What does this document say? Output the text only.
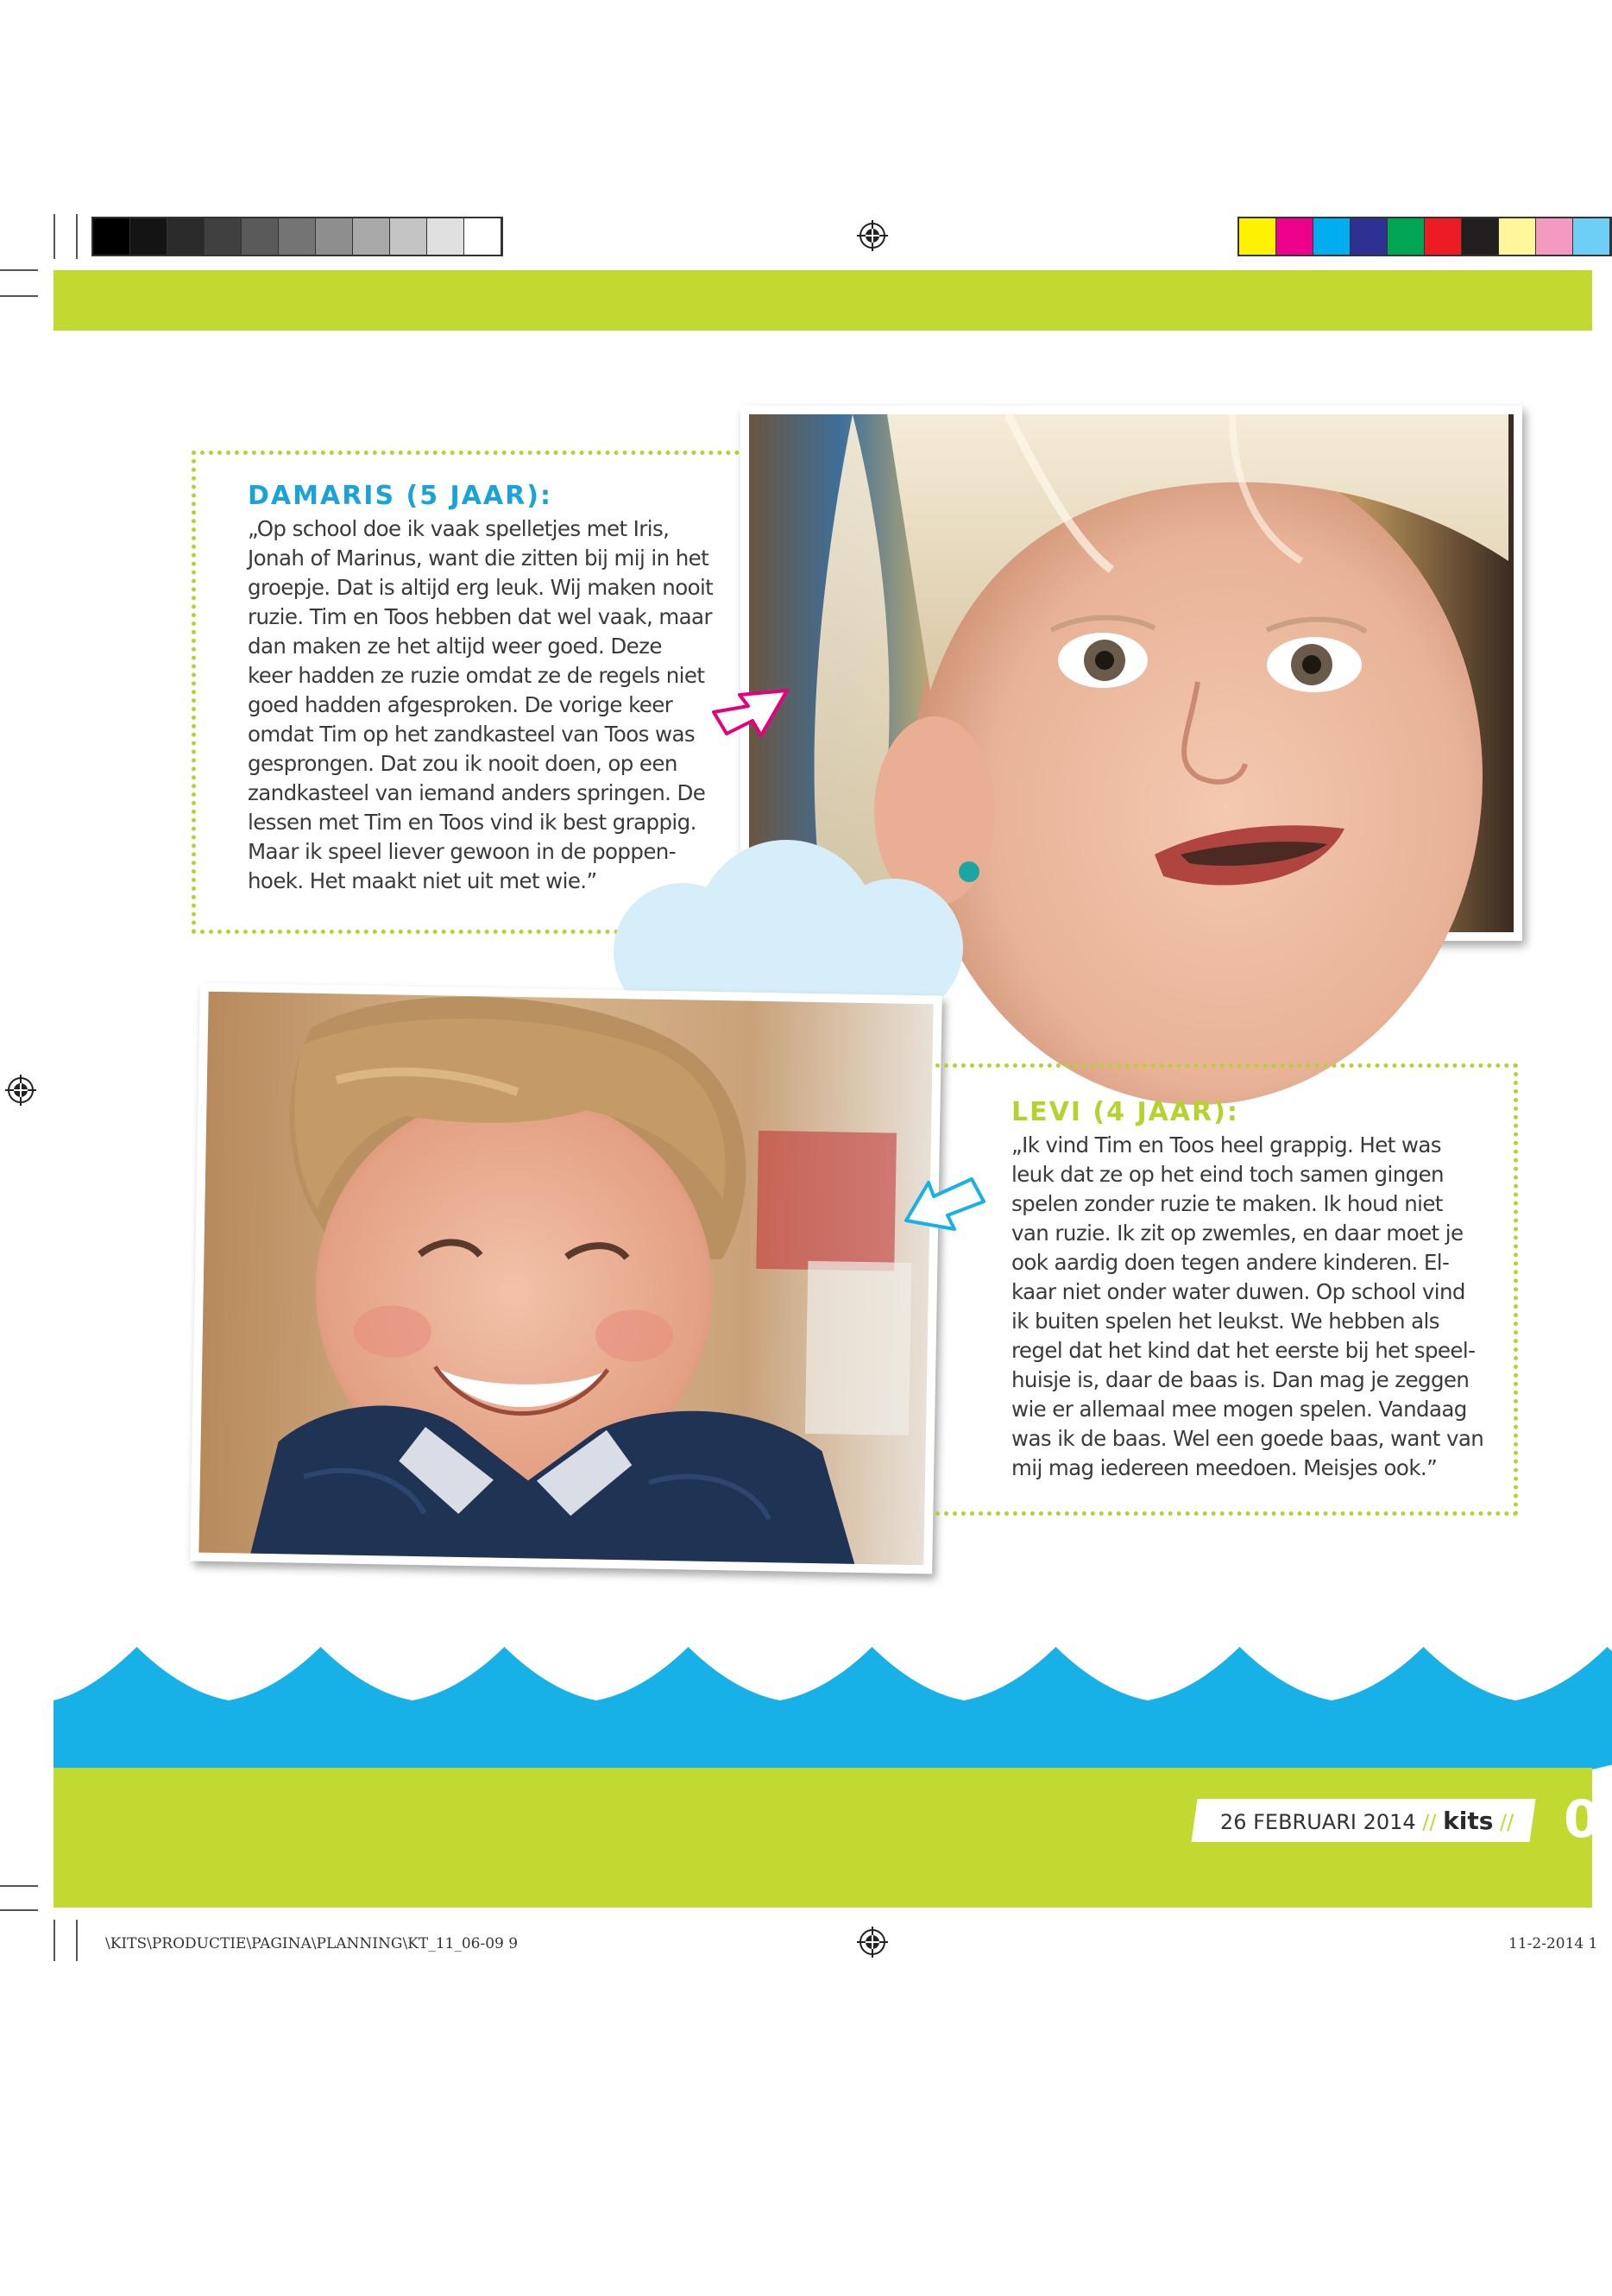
DAMARIS (5 JAAR):
„Op school doe ik vaak spelletjes met Iris,
Jonah of Marinus, want die zitten bij mij in het
groepje. Dat is altijd erg leuk. Wij maken nooit
ruzie. Tim en Toos hebben dat wel vaak, maar
dan maken ze het altijd weer goed. Deze
keer hadden ze ruzie omdat ze de regels niet
goed hadden afgesproken. De vorige keer
omdat Tim op het zandkasteel van Toos was
gesprongen. Dat zou ik nooit doen, op een
zandkasteel van iemand anders springen. De
lessen met Tim en Toos vind ik best grappig.
Maar ik speel liever gewoon in de poppen-
hoek. Het maakt niet uit met wie.”
LEVI (4 JAAR):
„Ik vind Tim en Toos heel grappig. Het was
leuk dat ze op het eind toch samen gingen
spelen zonder ruzie te maken. Ik houd niet
van ruzie. Ik zit op zwemles, en daar moet je
ook aardig doen tegen andere kinderen. El-
kaar niet onder water duwen. Op school vind
ik buiten spelen het leukst. We hebben als
regel dat het kind dat het eerste bij het speel-
huisje is, daar de baas is. Dan mag je zeggen
wie er allemaal mee mogen spelen. Vandaag
was ik de baas. Wel een goede baas, want van
mij mag iedereen meedoen. Meisjes ook.”
26 FEBRUARI 2014 // kits // 0
\KITS\PRODUCTIE\PAGINA\PLANNING\KT_11_06-09 9	11-2-2014 1
